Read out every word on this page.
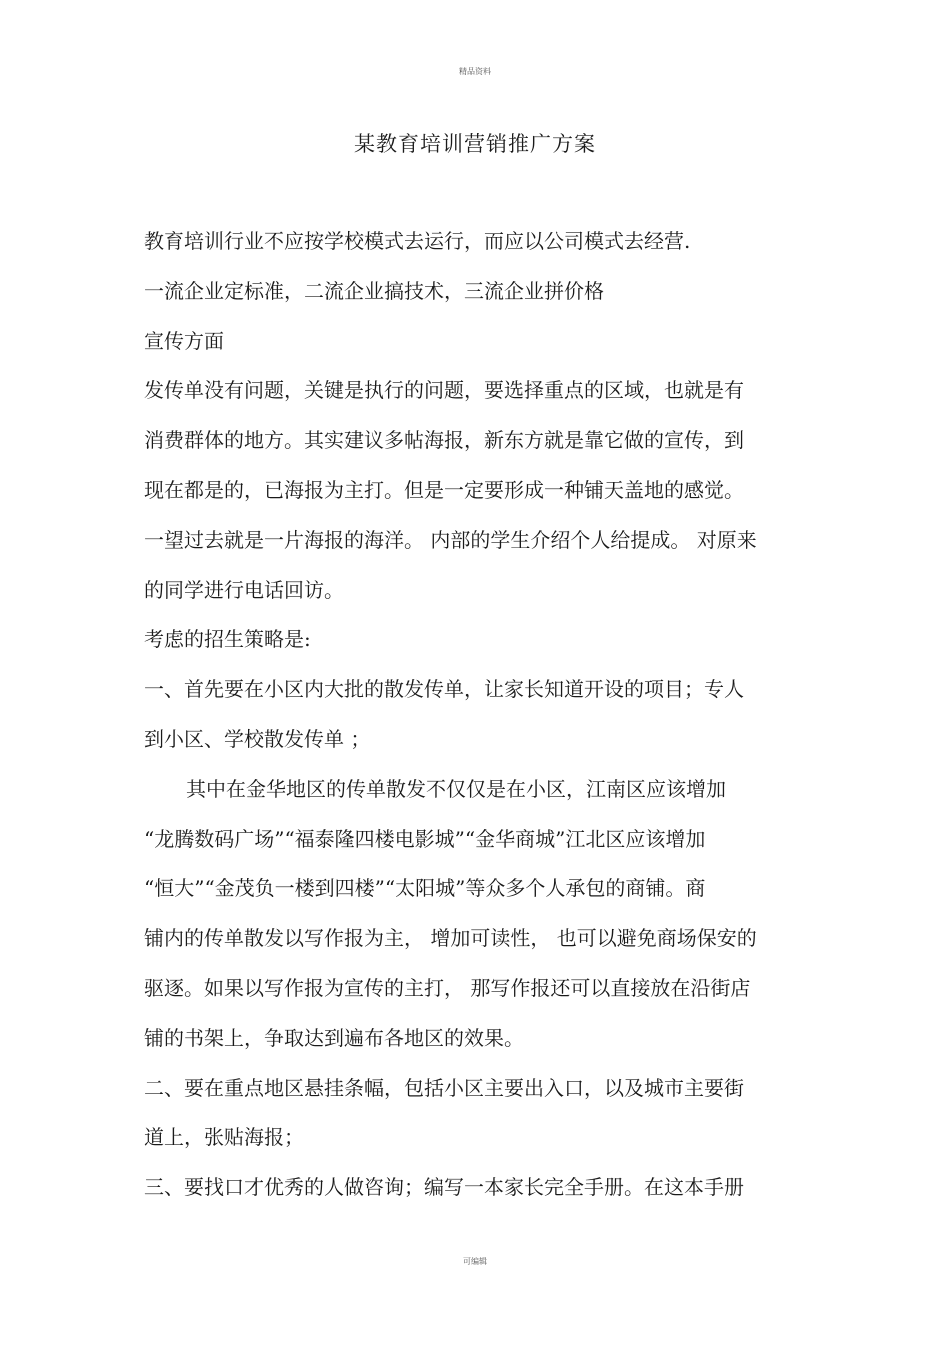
精品资料
某教育培训营销推广方案
教育培训行业不应按学校模式去运行，而应以公司模式去经营.
一流企业定标准，二流企业搞技术，三流企业拼价格
宣传方面
发传单没有问题，关键是执行的问题，要选择重点的区域，也就是有
消费群体的地方。其实建议多帖海报，新东方就是靠它做的宣传，到
现在都是的，已海报为主打。但是一定要形成一种铺天盖地的感觉。
一望过去就是一片海报的海洋。 内部的学生介绍个人给提成。 对原来
的同学进行电话回访。
考虑的招生策略是:
一、首先要在小区内大批的散发传单，让家长知道开设的项目；专人
到小区、学校散发传单 ；
其中在金华地区的传单散发不仅仅是在小区，江南区应该增加
“龙腾数码广场”“福泰隆四楼电影城”“金华商城”江北区应该增加
“恒大”“金茂负一楼到四楼”“太阳城”等众多个人承包的商铺。商
铺内的传单散发以写作报为主， 增加可读性， 也可以避免商场保安的
驱逐。如果以写作报为宣传的主打， 那写作报还可以直接放在沿街店
铺的书架上，争取达到遍布各地区的效果。
二、要在重点地区悬挂条幅，包括小区主要出入口，以及城市主要街
道上，张贴海报；
三、要找口才优秀的人做咨询；编写一本家长完全手册。在这本手册
可编辑
